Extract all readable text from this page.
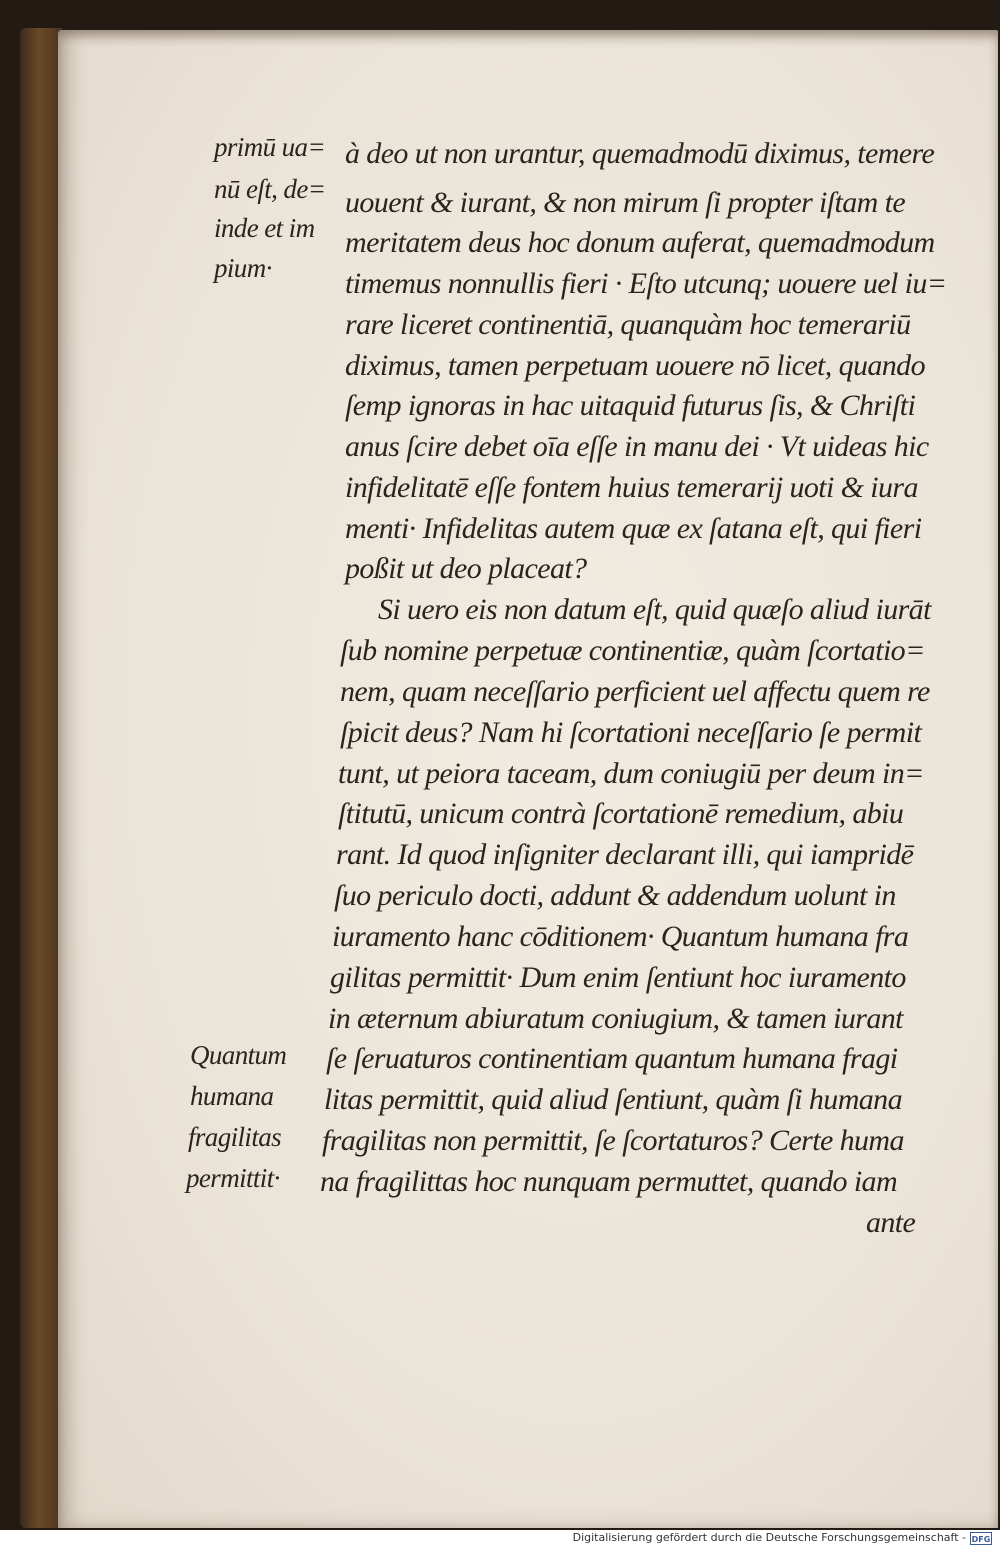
primū ua=
nū eſt, de=
inde et im
pium·
à deo ut non urantur, quemadmodū diximus, temere
uouent & iurant, & non mirum ſi propter iſtam te
meritatem deus hoc donum auferat, quemadmodum
timemus nonnullis fieri · Eſto utcunq; uouere uel iu=
rare liceret continentiā, quanquàm hoc temerariū
diximus, tamen perpetuam uouere nō licet, quando
ſemp ignoras in hac uitaquid futurus ſis, & Chriſti
anus ſcire debet oīa eſſe in manu dei · Vt uideas hic
infidelitatē eſſe fontem huius temerarij uoti & iura
menti· Infidelitas autem quæ ex ſatana eſt, qui fieri
poßit ut deo placeat?
Si uero eis non datum eſt, quid quæſo aliud iurāt
ſub nomine perpetuæ continentiæ, quàm ſcortatio=
nem, quam neceſſario perficient uel affectu quem re
ſpicit deus? Nam hi ſcortationi neceſſario ſe permit
tunt, ut peiora taceam, dum coniugiū per deum in=
ſtitutū, unicum contrà ſcortationē remedium, abiu
rant. Id quod inſigniter declarant illi, qui iampridē
ſuo periculo docti, addunt & addendum uolunt in
iuramento hanc cōditionem· Quantum humana fra
gilitas permittit· Dum enim ſentiunt hoc iuramento
in æternum abiuratum coniugium, & tamen iurant
ſe ſeruaturos continentiam quantum humana fragi
litas permittit, quid aliud ſentiunt, quàm ſi humana
fragilitas non permittit, ſe ſcortaturos? Certe huma
na fragilittas hoc nunquam permuttet, quando iam
ante
Quantum
humana
fragilitas
permittit·
Digitalisierung gefördert durch die Deutsche Forschungsgemeinschaft - DFG
